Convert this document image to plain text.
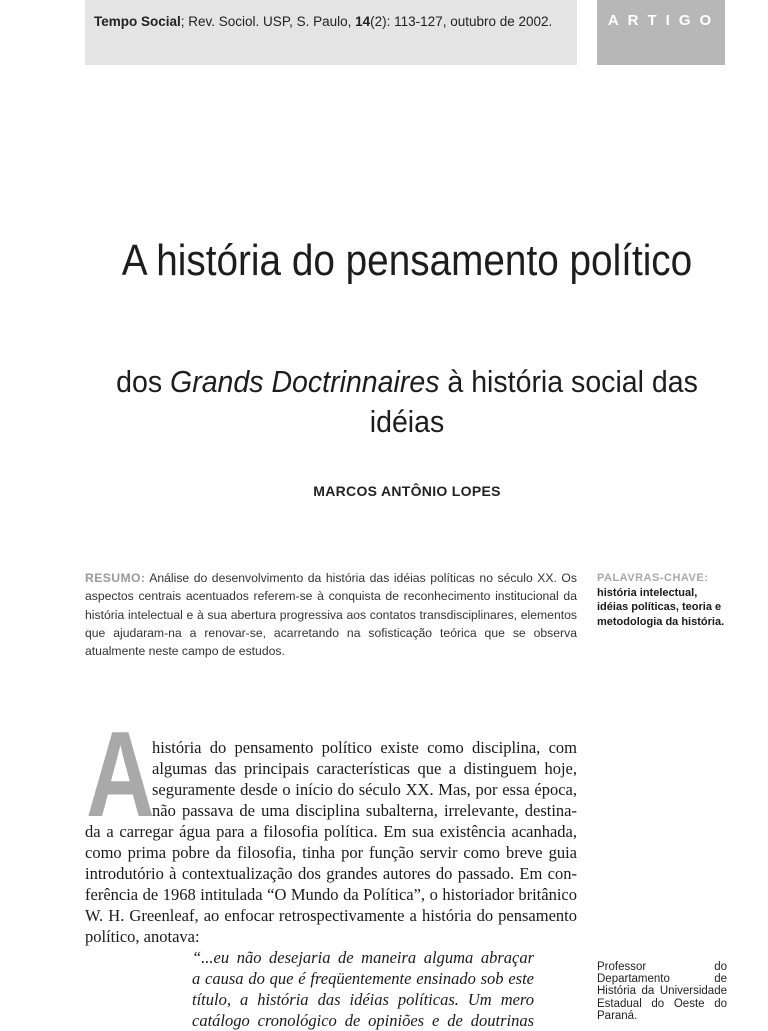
Tempo Social; Rev. Sociol. USP, S. Paulo, 14(2): 113-127, outubro de 2002.	ARTIGO
A história do pensamento político
dos Grands Doctrinnaires à história social das idéias
MARCOS ANTÔNIO LOPES
RESUMO: Análise do desenvolvimento da história das idéias políticas no século XX. Os aspectos centrais acentuados referem-se à conquista de reconhecimento institucional da história intelectual e à sua abertura progressiva aos contatos transdisciplinares, elementos que ajudaram-na a renovar-se, acarretando na sofisticação teórica que se observa atualmente neste campo de estudos.
PALAVRAS-CHAVE:
história intelectual, idéias políticas, teoria e metodologia da história.
A
história do pensamento político existe como disciplina, com
algumas das principais características que a distinguem hoje,
seguramente desde o início do século XX. Mas, por essa época,
não passava de uma disciplina subalterna, irrelevante, destina-
da a carregar água para a filosofia política. Em sua existência acanhada,
como prima pobre da filosofia, tinha por função servir como breve guia
introdutório à contextualização dos grandes autores do passado. Em con-
ferência de 1968 intitulada “O Mundo da Política”, o historiador britânico
W. H. Greenleaf, ao enfocar retrospectivamente a história do pensamento
político, anotava:
“...eu não desejaria de maneira alguma abraçar
a causa do que é freqüentemente ensinado sob este
título, a história das idéias políticas. Um mero
catálogo cronológico de opiniões e de doutrinas
Professor do Departamento de História da Universidade Estadual do Oeste do Paraná.
